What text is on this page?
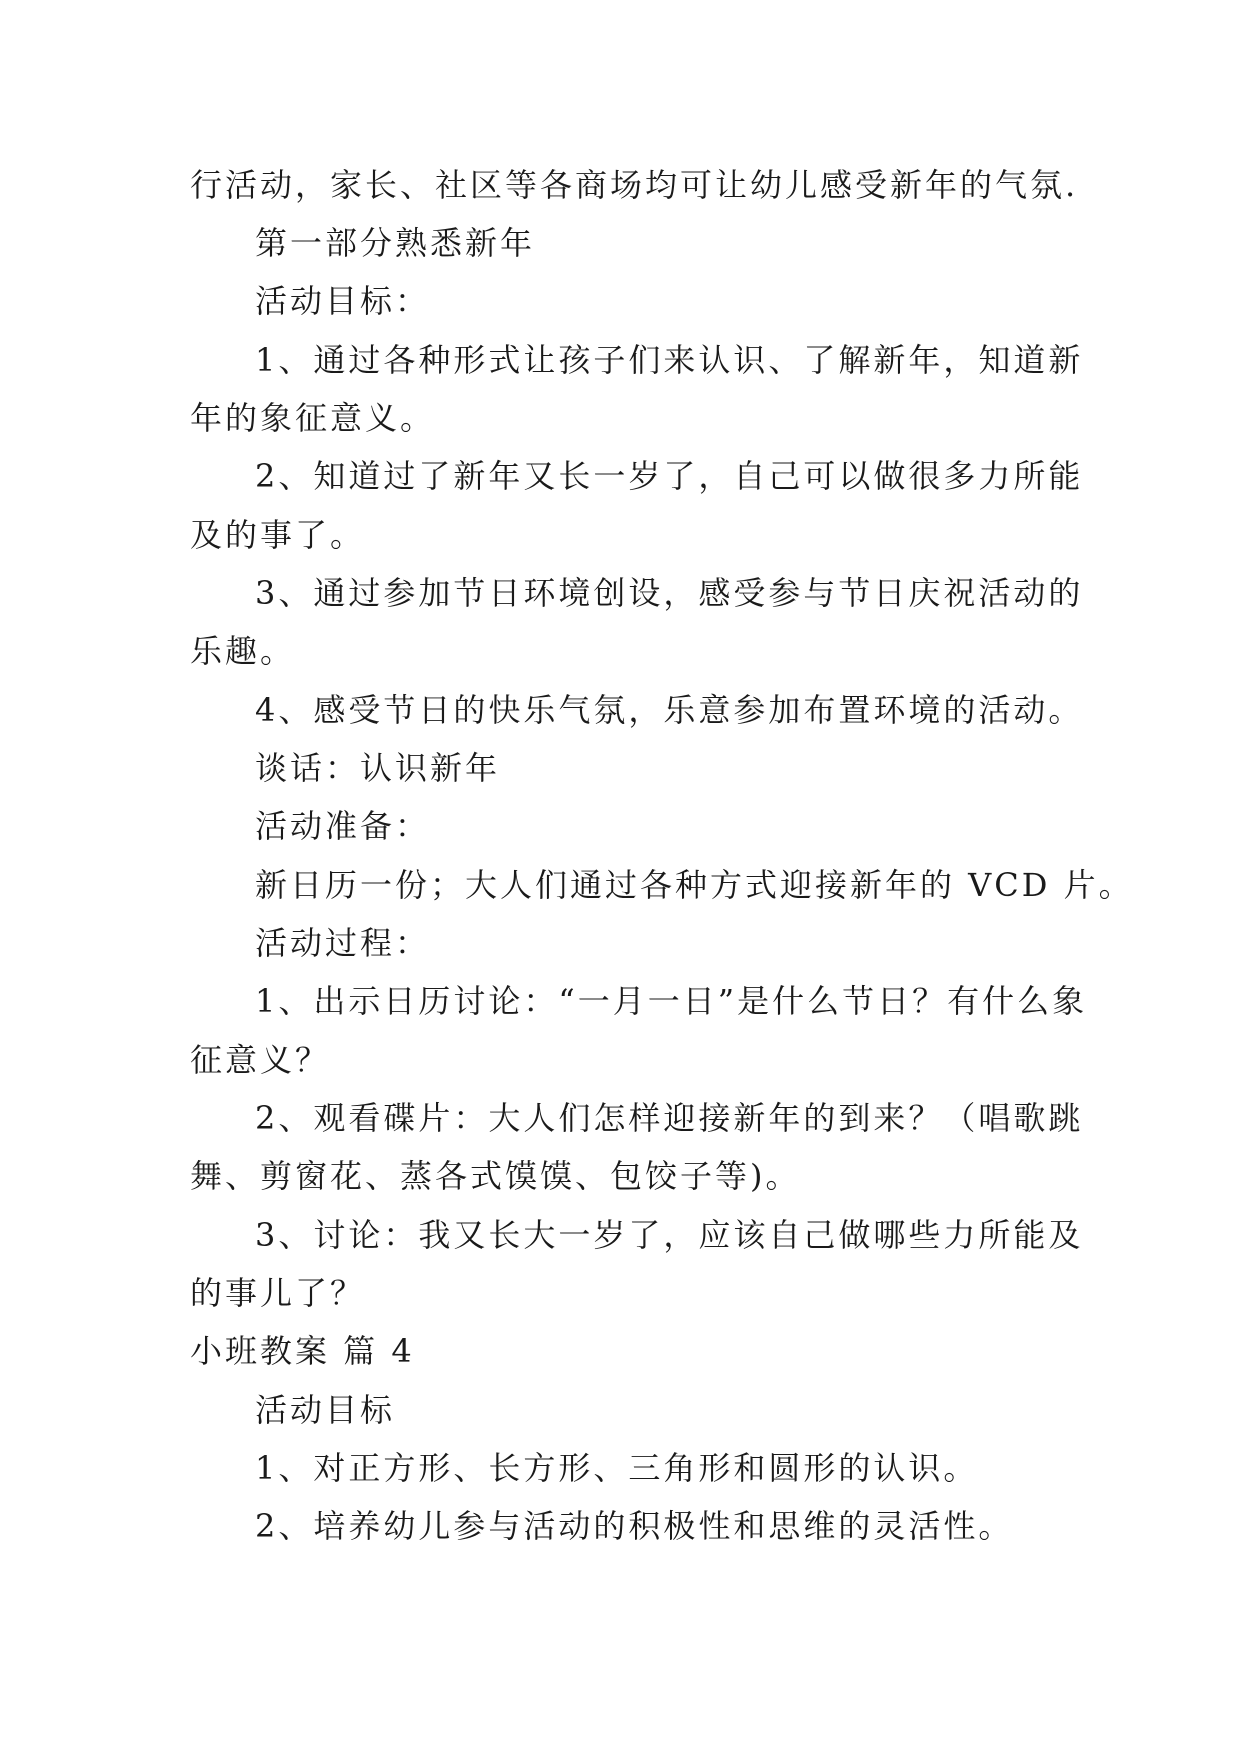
行活动，家长、社区等各商场均可让幼儿感受新年的气氛.
第一部分熟悉新年
活动目标：
1、通过各种形式让孩子们来认识、了解新年，知道新
年的象征意义。
2、知道过了新年又长一岁了，自己可以做很多力所能
及的事了。
3、通过参加节日环境创设，感受参与节日庆祝活动的
乐趣。
4、感受节日的快乐气氛，乐意参加布置环境的活动。
谈话：认识新年
活动准备：
新日历一份；大人们通过各种方式迎接新年的 VCD 片。
活动过程：
1、出示日历讨论：“一月一日”是什么节日？有什么象
征意义？
2、观看碟片：大人们怎样迎接新年的到来？（唱歌跳
舞、剪窗花、蒸各式馍馍、包饺子等)。
3、讨论：我又长大一岁了，应该自己做哪些力所能及
的事儿了？
小班教案 篇 4
活动目标
1、对正方形、长方形、三角形和圆形的认识。
2、培养幼儿参与活动的积极性和思维的灵活性。
